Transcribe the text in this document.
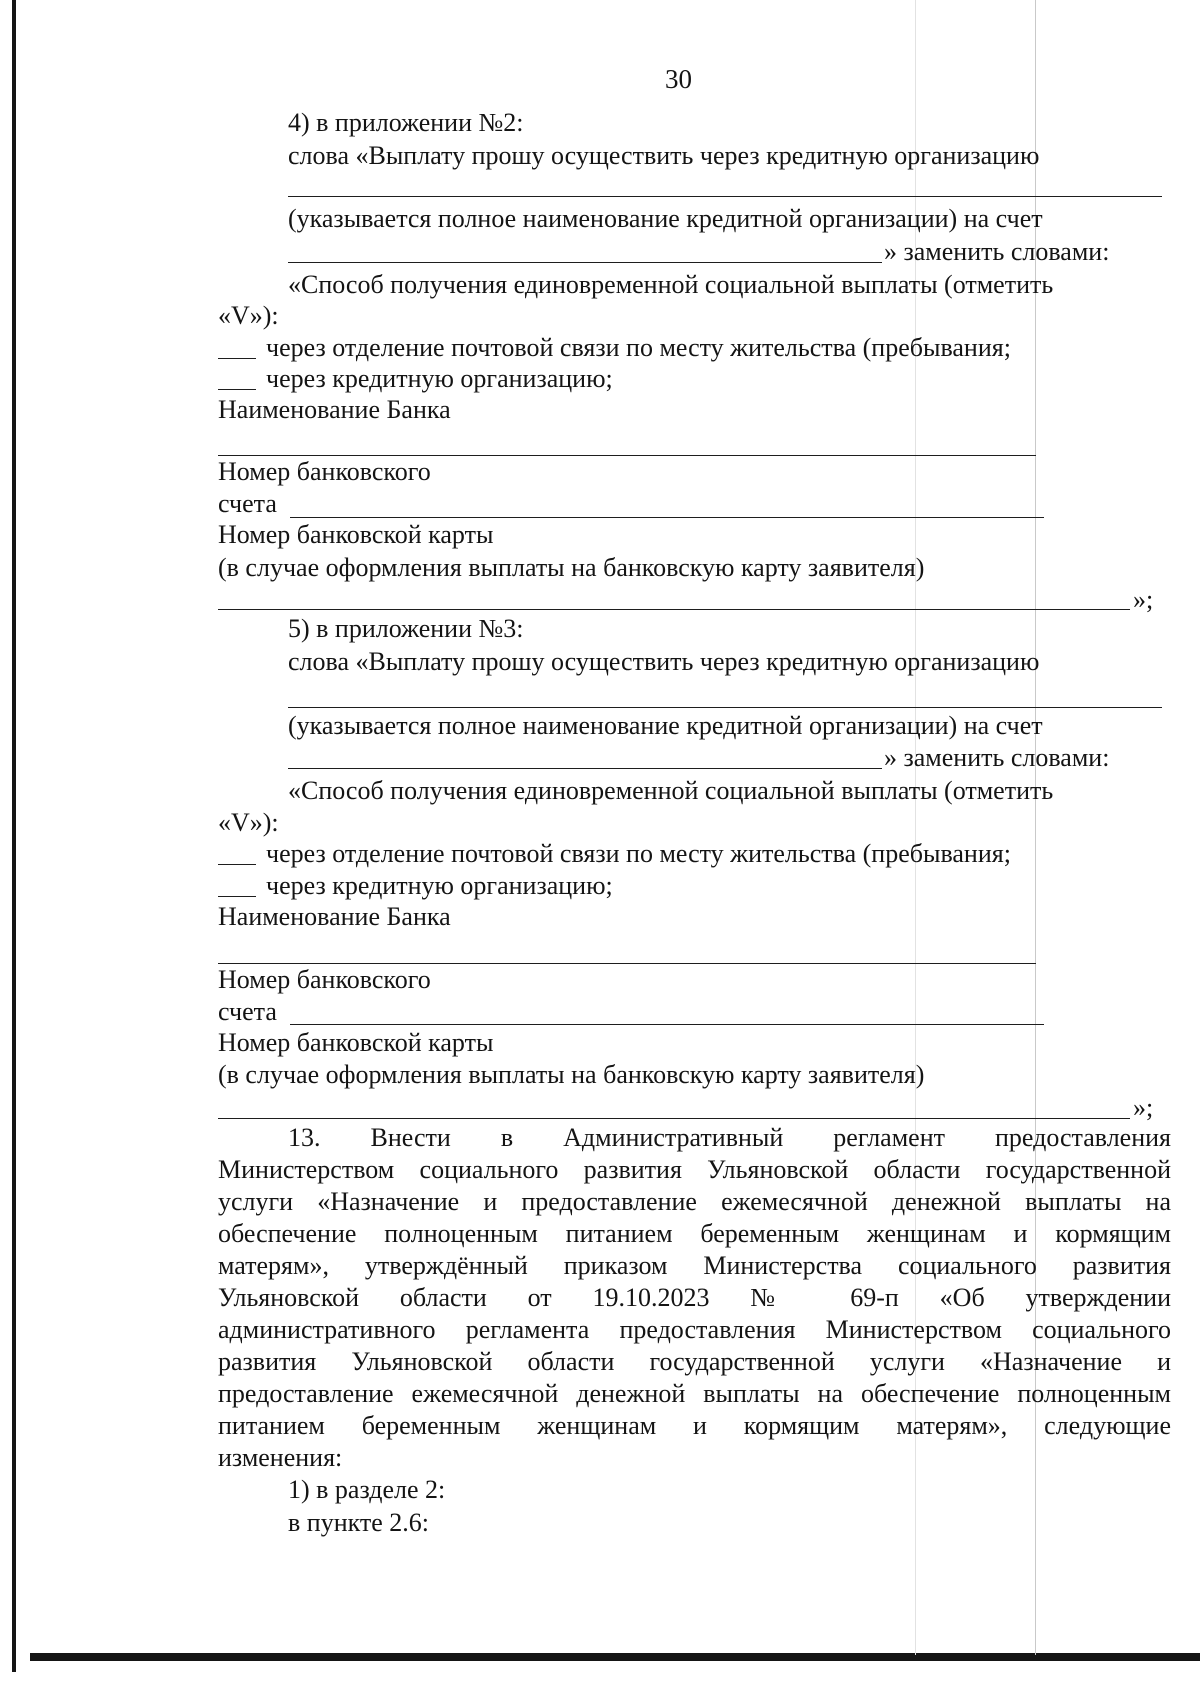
30
4) в приложении №2:
слова «Выплату прошу осуществить через кредитную организацию
(указывается полное наименование кредитной организации) на счет
» заменить словами:
«Способ получения единовременной социальной выплаты (отметить
«V»):
через отделение почтовой связи по месту жительства (пребывания;
через кредитную организацию;
Наименование Банка
Номер банковского
счета
Номер банковской карты
(в случае оформления выплаты на банковскую карту заявителя)
»;
5) в приложении №3:
слова «Выплату прошу осуществить через кредитную организацию
(указывается полное наименование кредитной организации) на счет
» заменить словами:
«Способ получения единовременной социальной выплаты (отметить
«V»):
через отделение почтовой связи по месту жительства (пребывания;
через кредитную организацию;
Наименование Банка
Номер банковского
счета
Номер банковской карты
(в случае оформления выплаты на банковскую карту заявителя)
»;
13. Внести в Административный регламент предоставления
Министерством социального развития Ульяновской области государственной
услуги «Назначение и предоставление ежемесячной денежной выплаты на
обеспечение полноценным питанием беременным женщинам и кормящим
матерям», утверждённый приказом Министерства социального развития
Ульяновской области от 19.10.2023 № 69-п «Об утверждении
административного регламента предоставления Министерством социального
развития Ульяновской области государственной услуги «Назначение и
предоставление ежемесячной денежной выплаты на обеспечение полноценным
питанием беременным женщинам и кормящим матерям», следующие
изменения:
1) в разделе 2:
в пункте 2.6:
